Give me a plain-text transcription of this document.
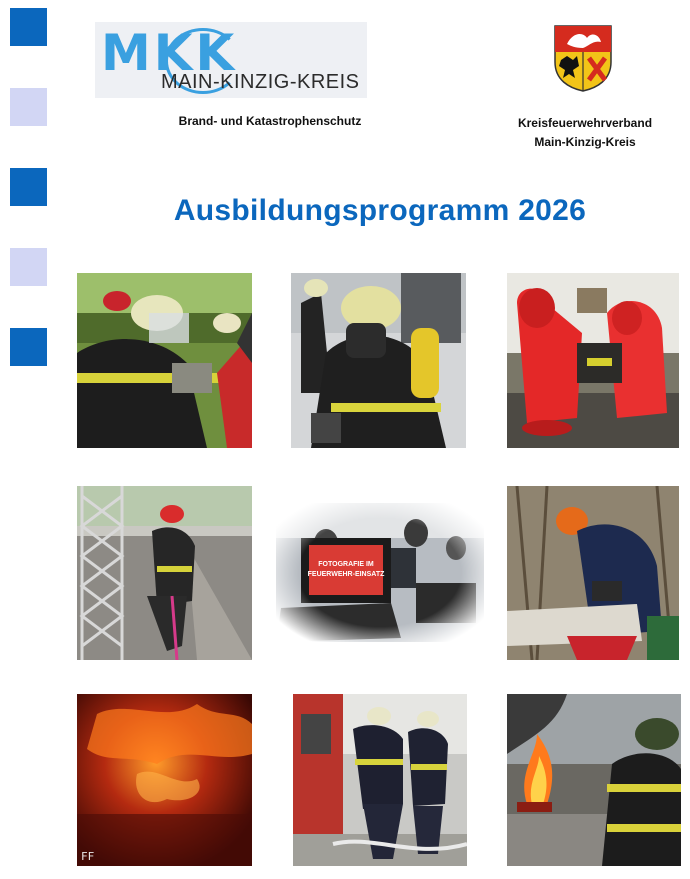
MKK
MAIN-KINZIG-KREIS
Brand- und Katastrophenschutz	Kreisfeuerwehrverband
Main-Kinzig-Kreis
Ausbildungsprogramm 2026
FF
